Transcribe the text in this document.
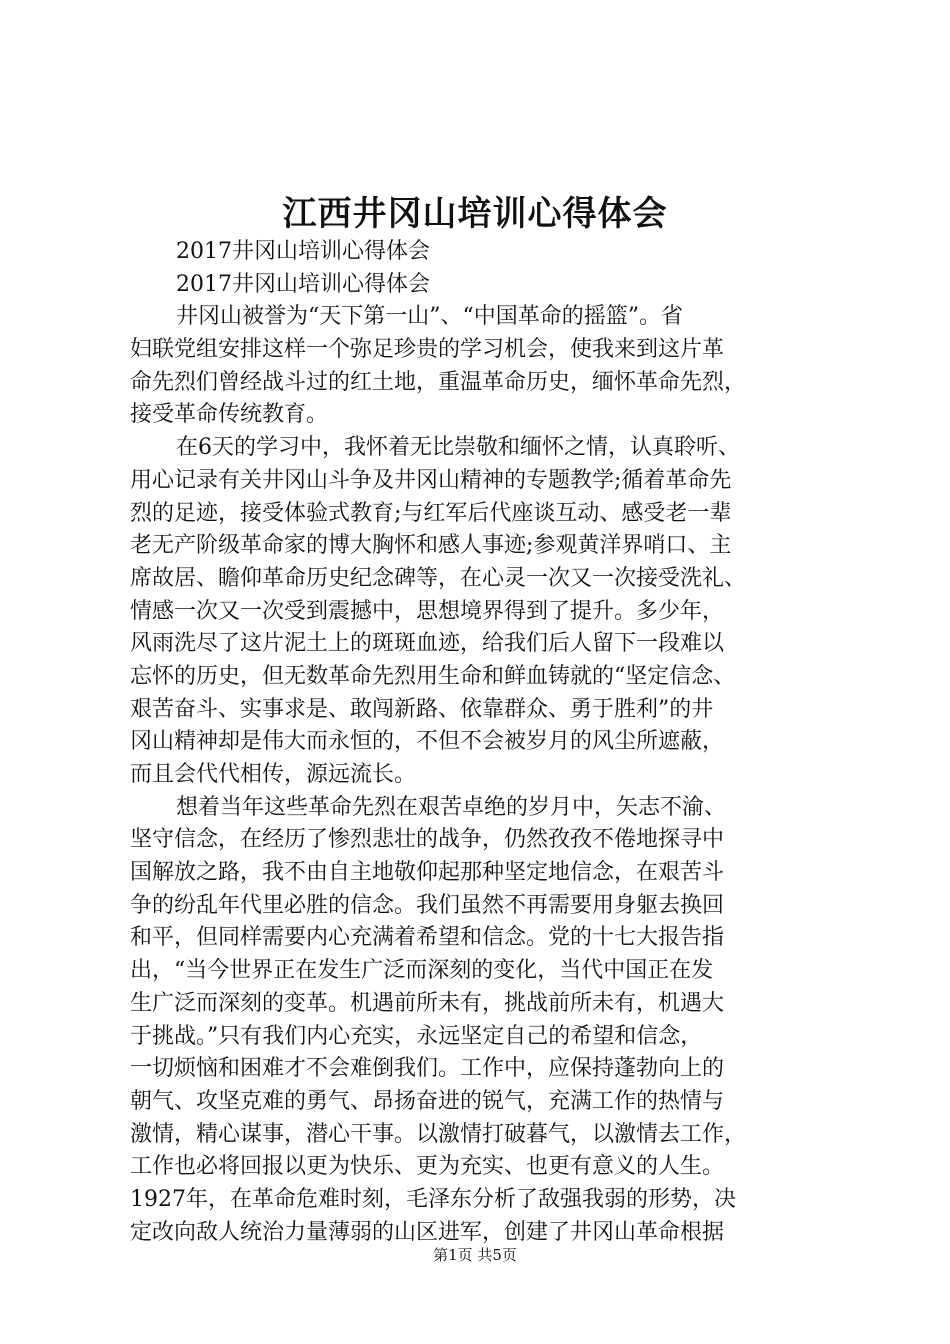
江西井冈山培训心得体会
2017井冈山培训心得体会
2017井冈山培训心得体会
井冈山被誉为“天下第一山”、“中国革命的摇篮”。省
妇联党组安排这样一个弥足珍贵的学习机会，使我来到这片革
命先烈们曾经战斗过的红土地，重温革命历史，缅怀革命先烈，
接受革命传统教育。
在6天的学习中，我怀着无比崇敬和缅怀之情，认真聆听、
用心记录有关井冈山斗争及井冈山精神的专题教学;循着革命先
烈的足迹，接受体验式教育;与红军后代座谈互动、感受老一辈
老无产阶级革命家的博大胸怀和感人事迹;参观黄洋界哨口、主
席故居、瞻仰革命历史纪念碑等，在心灵一次又一次接受洗礼、
情感一次又一次受到震撼中，思想境界得到了提升。多少年，
风雨洗尽了这片泥土上的斑斑血迹，给我们后人留下一段难以
忘怀的历史，但无数革命先烈用生命和鲜血铸就的“坚定信念、
艰苦奋斗、实事求是、敢闯新路、依靠群众、勇于胜利”的井
冈山精神却是伟大而永恒的，不但不会被岁月的风尘所遮蔽，
而且会代代相传，源远流长。
想着当年这些革命先烈在艰苦卓绝的岁月中，矢志不渝、
坚守信念，在经历了惨烈悲壮的战争，仍然孜孜不倦地探寻中
国解放之路，我不由自主地敬仰起那种坚定地信念，在艰苦斗
争的纷乱年代里必胜的信念。我们虽然不再需要用身躯去换回
和平，但同样需要内心充满着希望和信念。党的十七大报告指
出，“当今世界正在发生广泛而深刻的变化，当代中国正在发
生广泛而深刻的变革。机遇前所未有，挑战前所未有，机遇大
于挑战。”只有我们内心充实，永远坚定自己的希望和信念，
一切烦恼和困难才不会难倒我们。工作中，应保持蓬勃向上的
朝气、攻坚克难的勇气、昂扬奋进的锐气，充满工作的热情与
激情，精心谋事，潜心干事。以激情打破暮气，以激情去工作，
工作也必将回报以更为快乐、更为充实、也更有意义的人生。
1927年，在革命危难时刻，毛泽东分析了敌强我弱的形势，决
定改向敌人统治力量薄弱的山区进军，创建了井冈山革命根据
第1页 共5页
